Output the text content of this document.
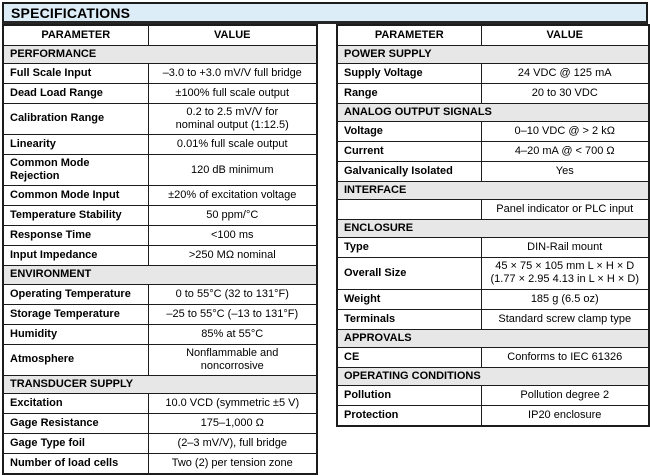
SPECIFICATIONS
PARAMETER	VALUE
PERFORMANCE	
Full Scale Input	–3.0 to +3.0 mV/V full bridge
Dead Load Range	±100% full scale output
Calibration Range	0.2 to 2.5 mV/V for
nominal output (1:12.5)
Linearity	0.01% full scale output
Common Mode Rejection	120 dB minimum
Common Mode Input	±20% of excitation voltage
Temperature Stability	50 ppm/°C
Response Time	<100 ms
Input Impedance	>250 MΩ nominal
ENVIRONMENT	
Operating Temperature	0 to 55°C (32 to 131°F)
Storage Temperature	–25 to 55°C (–13 to 131°F)
Humidity	85% at 55°C
Atmosphere	Nonflammable and noncorrosive
TRANSDUCER SUPPLY	
Excitation	10.0 VCD (symmetric ±5 V)
Gage Resistance	175–1,000 Ω
Gage Type foil	(2–3 mV/V), full bridge
Number of load cells	Two (2) per tension zone
PARAMETER	VALUE
POWER SUPPLY	
Supply Voltage	24 VDC @ 125 mA
Range	20 to 30 VDC
ANALOG OUTPUT SIGNALS	
Voltage	0–10 VDC @ > 2 kΩ
Current	4–20 mA @ < 700 Ω
Galvanically Isolated	Yes
INTERFACE	
	Panel indicator or PLC input
ENCLOSURE	
Type	DIN-Rail mount
Overall Size	45 × 75 × 105 mm L × H × D
(1.77 × 2.95 4.13 in L × H × D)
Weight	185 g (6.5 oz)
Terminals	Standard screw clamp type
APPROVALS	
CE	Conforms to IEC 61326
OPERATING CONDITIONS	
Pollution	Pollution degree 2
Protection	IP20 enclosure
